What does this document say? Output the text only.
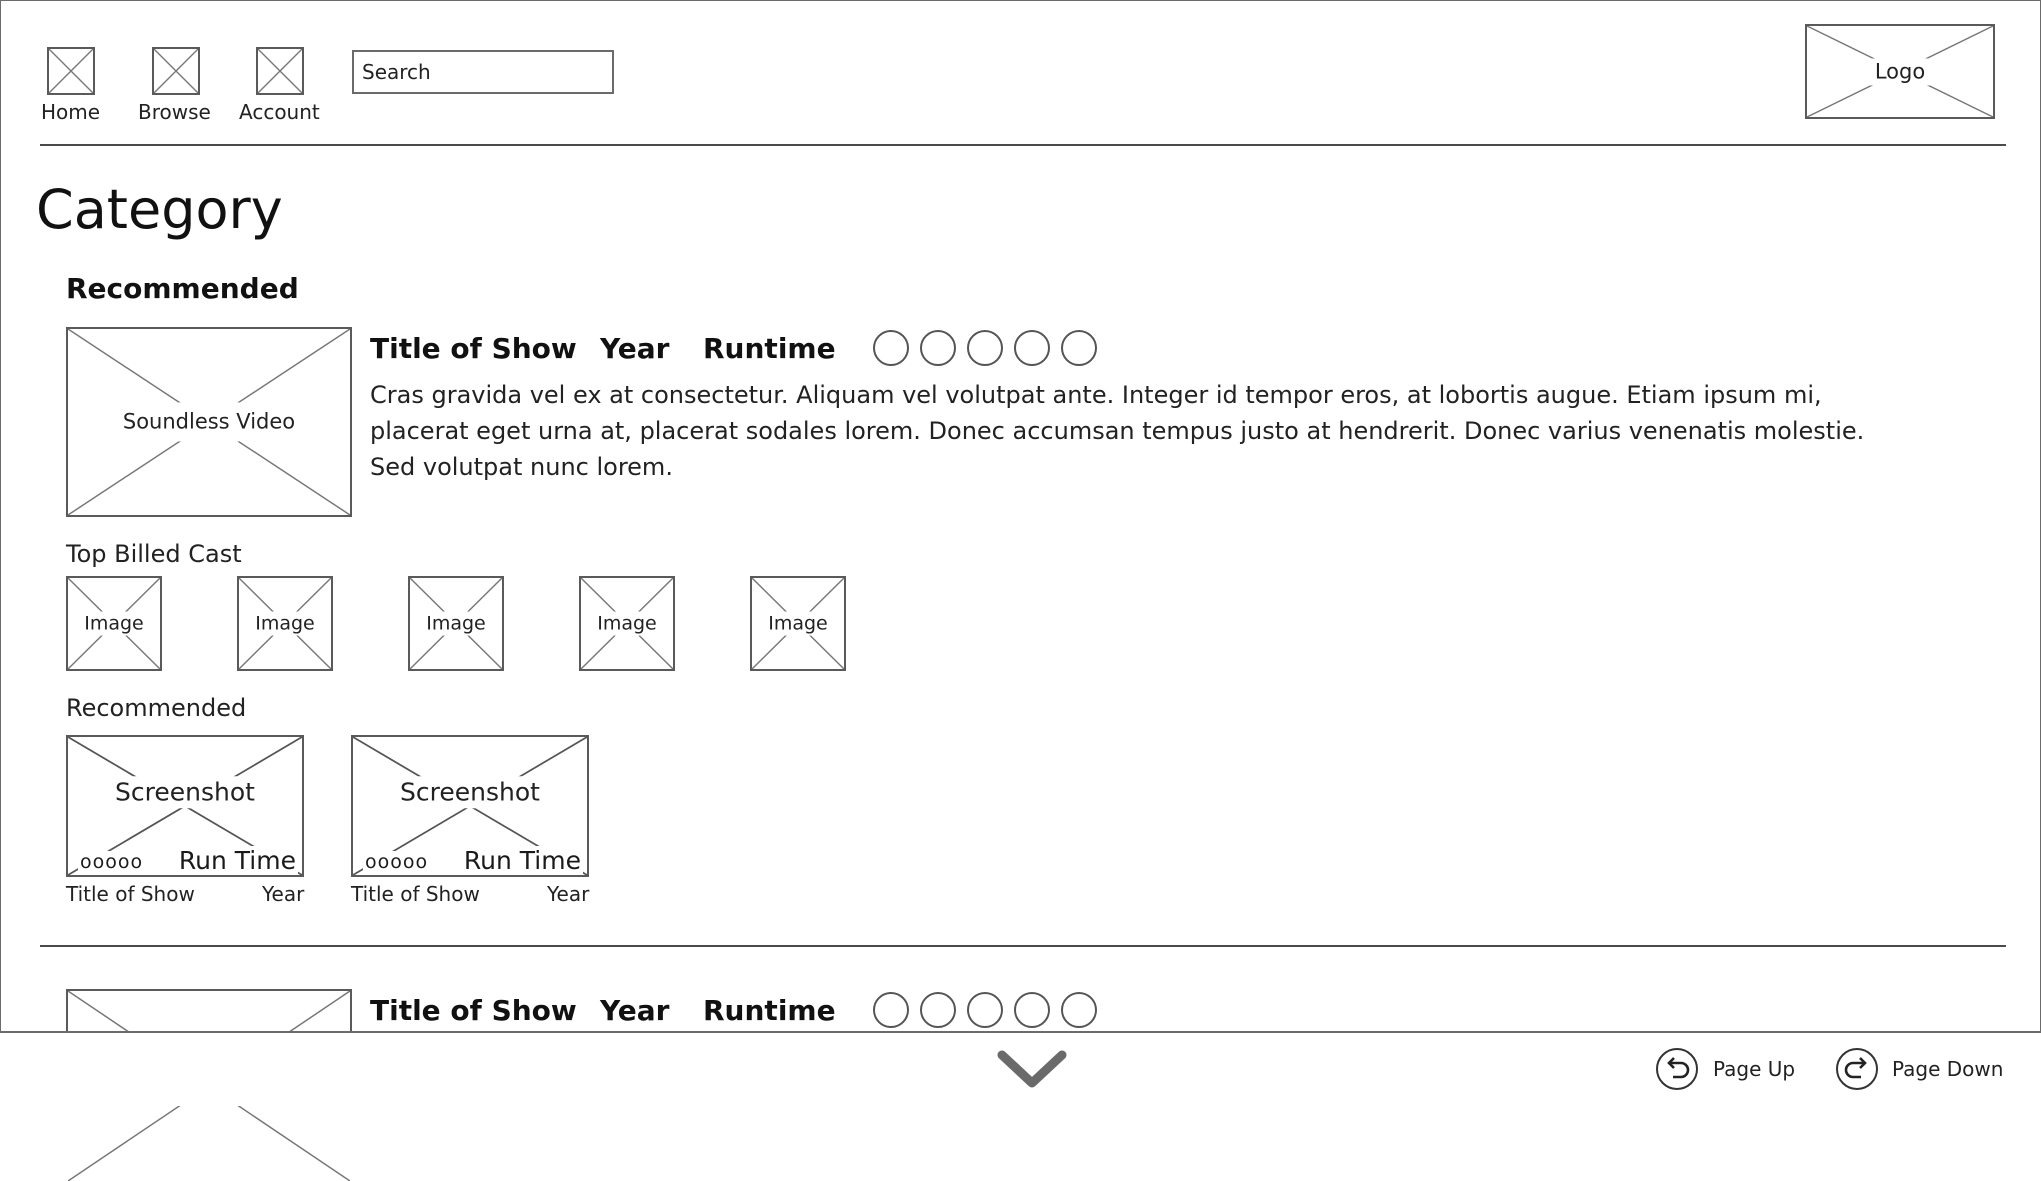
Home Browse Account
Search
Logo
Category
Recommended
Soundless Video
Title of Show Year Runtime
Cras gravida vel ex at consectetur. Aliquam vel volutpat ante. Integer id tempor eros, at lobortis augue. Etiam ipsum mi,
placerat eget urna at, placerat sodales lorem. Donec accumsan tempus justo at hendrerit. Donec varius venenatis molestie.
Sed volutpat nunc lorem.
Top Billed Cast
Image	Image	Image	Image	Image
Recommended
Screenshot
ooooo Run Time
Title of Show	Year
Screenshot
ooooo Run Time
Title of Show	Year
Title of Show Year Runtime
Page Up	Page Down
